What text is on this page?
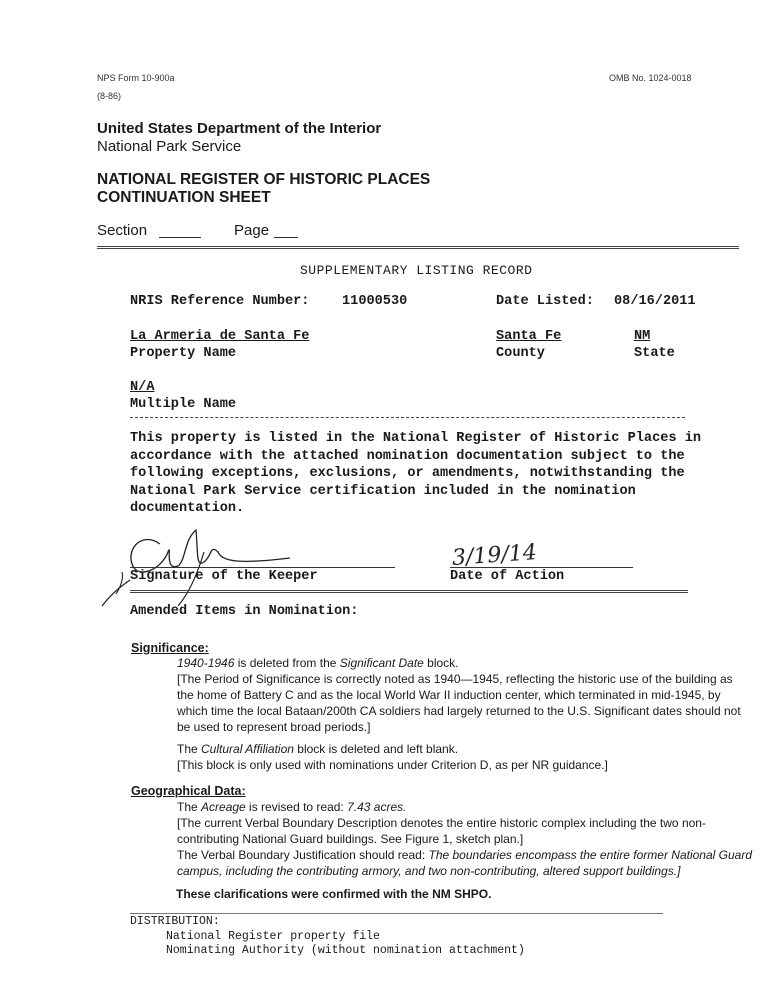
NPS Form 10-900a
(8-86)
OMB No. 1024-0018
United States Department of the Interior
National Park Service
NATIONAL REGISTER OF HISTORIC PLACES
CONTINUATION SHEET
Section	Page
SUPPLEMENTARY LISTING RECORD
NRIS Reference Number: 11000530	Date Listed: 08/16/2011
La Armeria de Santa Fe
Property Name
Santa Fe
County
NM
State
N/A
Multiple Name
This property is listed in the National Register of Historic Places in accordance with the attached nomination documentation subject to the following exceptions, exclusions, or amendments, notwithstanding the National Park Service certification included in the nomination documentation.
Signature of the Keeper
3/19/14
Date of Action
Amended Items in Nomination:
Significance:
1940-1946 is deleted from the Significant Date block.
[The Period of Significance is correctly noted as 1940—1945, reflecting the historic use of the building as the home of Battery C and as the local World War II induction center, which terminated in mid-1945, by which time the local Bataan/200th CA soldiers had largely returned to the U.S. Significant dates should not be used to represent broad periods.]
The Cultural Affiliation block is deleted and left blank.
[This block is only used with nominations under Criterion D, as per NR guidance.]
Geographical Data:
The Acreage is revised to read: 7.43 acres.
[The current Verbal Boundary Description denotes the entire historic complex including the two non-contributing National Guard buildings. See Figure 1, sketch plan.]
The Verbal Boundary Justification should read: The boundaries encompass the entire former National Guard campus, including the contributing armory, and two non-contributing, altered support buildings.]
These clarifications were confirmed with the NM SHPO.
DISTRIBUTION:
National Register property file
Nominating Authority (without nomination attachment)
